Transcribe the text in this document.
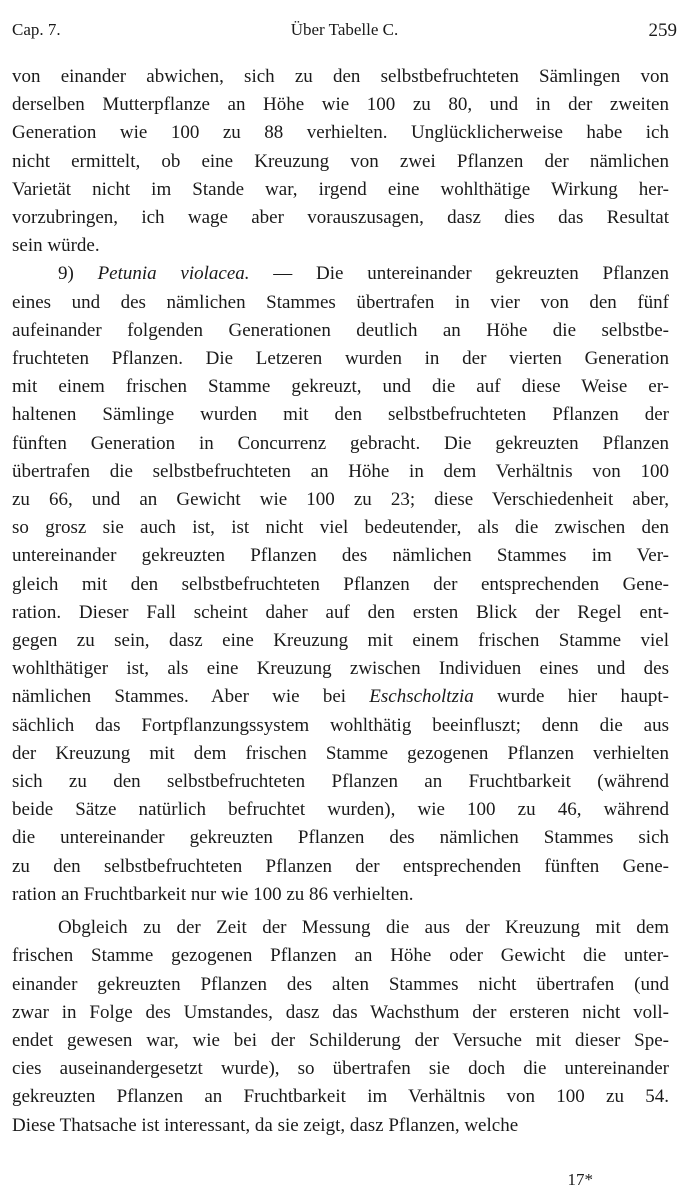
Cap. 7.	Über Tabelle C.	259
von einander abwichen, sich zu den selbstbefruchteten Sämlingen von
derselben Mutterpflanze an Höhe wie 100 zu 80, und in der zweiten
Generation wie 100 zu 88 verhielten. Unglücklicherweise habe ich
nicht ermittelt, ob eine Kreuzung von zwei Pflanzen der nämlichen
Varietät nicht im Stande war, irgend eine wohlthätige Wirkung her-
vorzubringen, ich wage aber vorauszusagen, dasz dies das Resultat
sein würde.
9) Petunia violacea. — Die untereinander gekreuzten Pflanzen
eines und des nämlichen Stammes übertrafen in vier von den fünf
aufeinander folgenden Generationen deutlich an Höhe die selbstbe-
fruchteten Pflanzen. Die Letzeren wurden in der vierten Generation
mit einem frischen Stamme gekreuzt, und die auf diese Weise er-
haltenen Sämlinge wurden mit den selbstbefruchteten Pflanzen der
fünften Generation in Concurrenz gebracht. Die gekreuzten Pflanzen
übertrafen die selbstbefruchteten an Höhe in dem Verhältnis von 100
zu 66, und an Gewicht wie 100 zu 23; diese Verschiedenheit aber,
so grosz sie auch ist, ist nicht viel bedeutender, als die zwischen den
untereinander gekreuzten Pflanzen des nämlichen Stammes im Ver-
gleich mit den selbstbefruchteten Pflanzen der entsprechenden Gene-
ration. Dieser Fall scheint daher auf den ersten Blick der Regel ent-
gegen zu sein, dasz eine Kreuzung mit einem frischen Stamme viel
wohlthätiger ist, als eine Kreuzung zwischen Individuen eines und des
nämlichen Stammes. Aber wie bei Eschscholtzia wurde hier haupt-
sächlich das Fortpflanzungssystem wohlthätig beeinfluszt; denn die aus
der Kreuzung mit dem frischen Stamme gezogenen Pflanzen verhielten
sich zu den selbstbefruchteten Pflanzen an Fruchtbarkeit (während
beide Sätze natürlich befruchtet wurden), wie 100 zu 46, während
die untereinander gekreuzten Pflanzen des nämlichen Stammes sich
zu den selbstbefruchteten Pflanzen der entsprechenden fünften Gene-
ration an Fruchtbarkeit nur wie 100 zu 86 verhielten.
Obgleich zu der Zeit der Messung die aus der Kreuzung mit dem
frischen Stamme gezogenen Pflanzen an Höhe oder Gewicht die unter-
einander gekreuzten Pflanzen des alten Stammes nicht übertrafen (und
zwar in Folge des Umstandes, dasz das Wachsthum der ersteren nicht voll-
endet gewesen war, wie bei der Schilderung der Versuche mit dieser Spe-
cies auseinandergesetzt wurde), so übertrafen sie doch die untereinander
gekreuzten Pflanzen an Fruchtbarkeit im Verhältnis von 100 zu 54.
Diese Thatsache ist interessant, da sie zeigt, dasz Pflanzen, welche
17*
